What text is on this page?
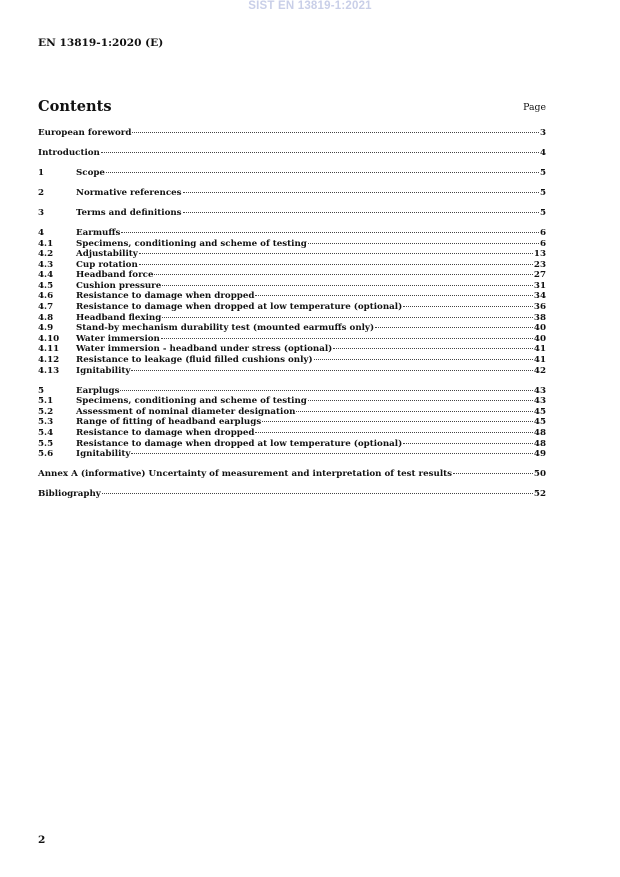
SIST EN 13819-1:2021
EN 13819-1:2020 (E)
Contents	Page
European foreword	3
Introduction	4
1	Scope	5
2	Normative references	5
3	Terms and definitions	5
4	Earmuffs	6
4.1	Specimens, conditioning and scheme of testing	6
4.2	Adjustability	13
4.3	Cup rotation	23
4.4	Headband force	27
4.5	Cushion pressure	31
4.6	Resistance to damage when dropped	34
4.7	Resistance to damage when dropped at low temperature (optional)	36
4.8	Headband flexing	38
4.9	Stand-by mechanism durability test (mounted earmuffs only)	40
4.10	Water immersion	40
4.11	Water immersion - headband under stress (optional)	41
4.12	Resistance to leakage (fluid filled cushions only)	41
4.13	Ignitability	42
5	Earplugs	43
5.1	Specimens, conditioning and scheme of testing	43
5.2	Assessment of nominal diameter designation	45
5.3	Range of fitting of headband earplugs	45
5.4	Resistance to damage when dropped	48
5.5	Resistance to damage when dropped at low temperature (optional)	48
5.6	Ignitability	49
Annex A (informative) Uncertainty of measurement and interpretation of test results	50
Bibliography	52
2
